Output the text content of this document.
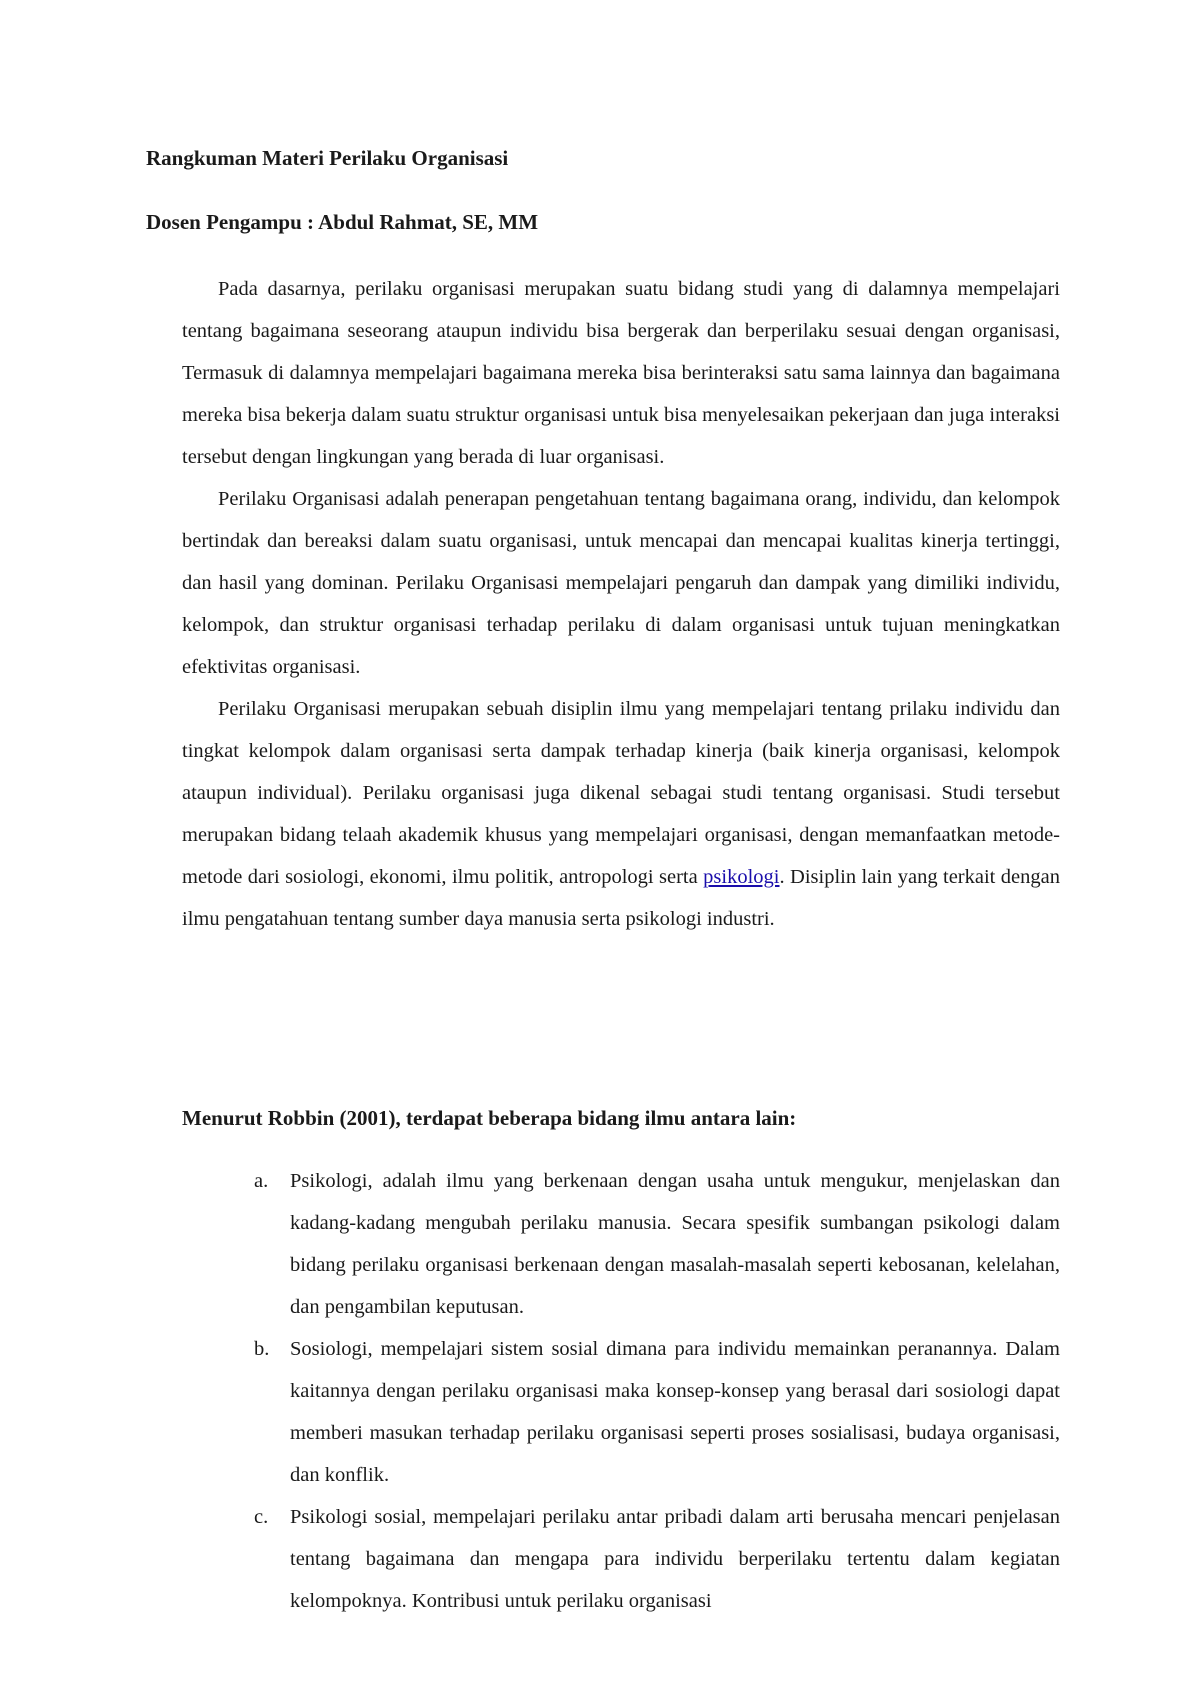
Rangkuman Materi Perilaku Organisasi
Dosen Pengampu : Abdul Rahmat, SE, MM

Pada dasarnya, perilaku organisasi merupakan suatu bidang studi yang di dalamnya mempelajari tentang bagaimana seseorang ataupun individu bisa bergerak dan berperilaku sesuai dengan organisasi, Termasuk di dalamnya mempelajari bagaimana mereka bisa berinteraksi satu sama lainnya dan bagaimana mereka bisa bekerja dalam suatu struktur organisasi untuk bisa menyelesaikan pekerjaan dan juga interaksi tersebut dengan lingkungan yang berada di luar organisasi.

Perilaku Organisasi adalah penerapan pengetahuan tentang bagaimana orang, individu, dan kelompok bertindak dan bereaksi dalam suatu organisasi, untuk mencapai dan mencapai kualitas kinerja tertinggi, dan hasil yang dominan. Perilaku Organisasi mempelajari pengaruh dan dampak yang dimiliki individu, kelompok, dan struktur organisasi terhadap perilaku di dalam organisasi untuk tujuan meningkatkan efektivitas organisasi.

Perilaku Organisasi merupakan sebuah disiplin ilmu yang mempelajari tentang prilaku individu dan tingkat kelompok dalam organisasi serta dampak terhadap kinerja (baik kinerja organisasi, kelompok ataupun individual). Perilaku organisasi juga dikenal sebagai studi tentang organisasi. Studi tersebut merupakan bidang telaah akademik khusus yang mempelajari organisasi, dengan memanfaatkan metode-metode dari sosiologi, ekonomi, ilmu politik, antropologi serta psikologi. Disiplin lain yang terkait dengan ilmu pengatahuan tentang sumber daya manusia serta psikologi industri.

Menurut Robbin (2001), terdapat beberapa bidang ilmu antara lain:
a. Psikologi, adalah ilmu yang berkenaan dengan usaha untuk mengukur, menjelaskan dan kadang-kadang mengubah perilaku manusia. Secara spesifik sumbangan psikologi dalam bidang perilaku organisasi berkenaan dengan masalah-masalah seperti kebosanan, kelelahan, dan pengambilan keputusan.
b. Sosiologi, mempelajari sistem sosial dimana para individu memainkan peranannya. Dalam kaitannya dengan perilaku organisasi maka konsep-konsep yang berasal dari sosiologi dapat memberi masukan terhadap perilaku organisasi seperti proses sosialisasi, budaya organisasi, dan konflik.
c. Psikologi sosial, mempelajari perilaku antar pribadi dalam arti berusaha mencari penjelasan tentang bagaimana dan mengapa para individu berperilaku tertentu dalam kegiatan kelompoknya. Kontribusi untuk perilaku organisasi
